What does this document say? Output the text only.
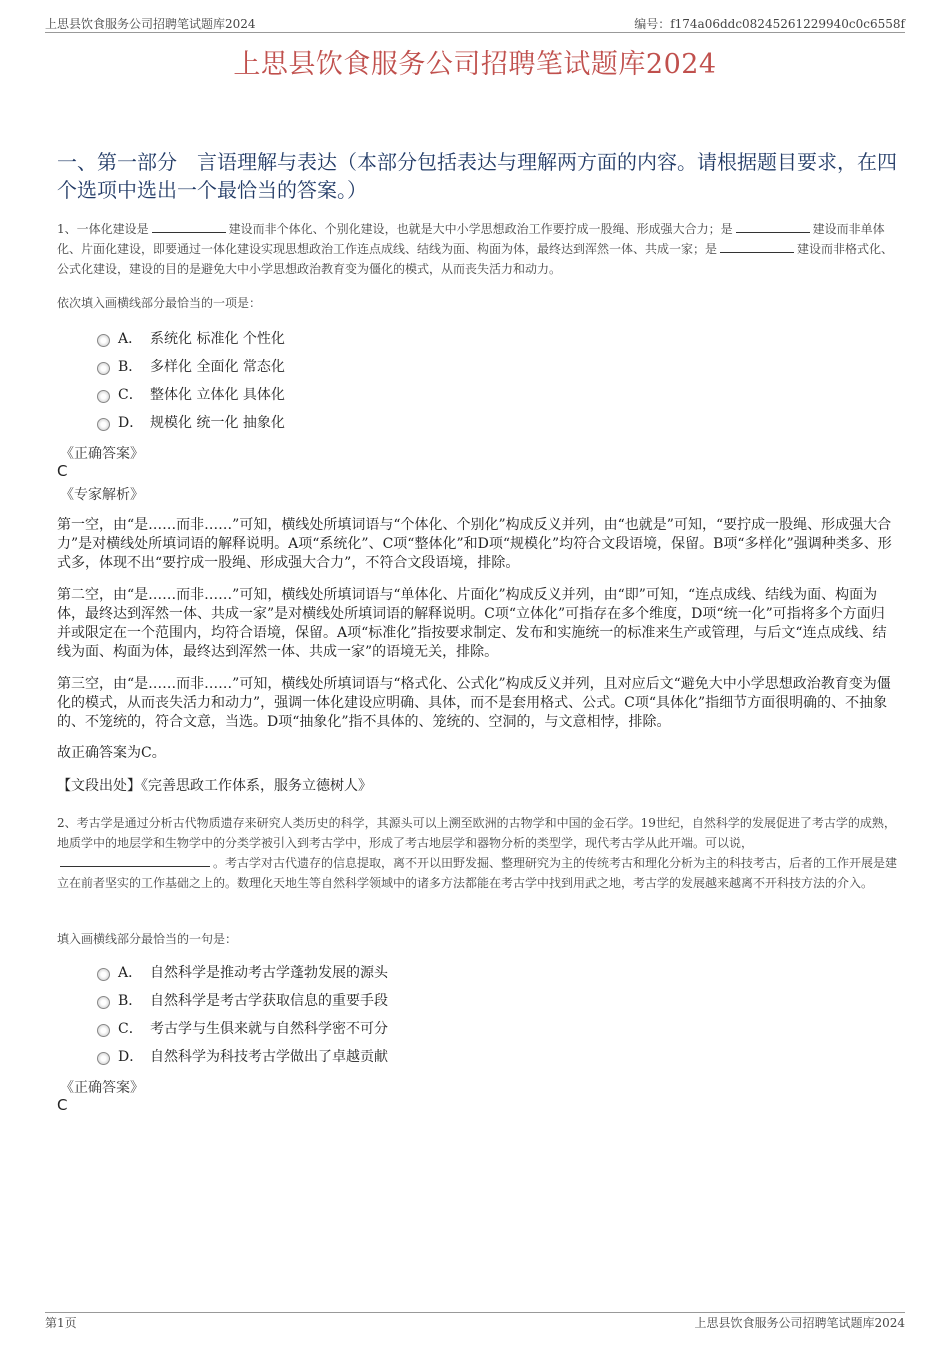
上思县饮食服务公司招聘笔试题库2024	编号：f174a06ddc08245261229940c0c6558f
上思县饮食服务公司招聘笔试题库2024
一、第一部分　言语理解与表达（本部分包括表达与理解两方面的内容。请根据题目要求，在四个选项中选出一个最恰当的答案。）
1、一体化建设是	建设而非个体化、个别化建设，也就是大中小学思想政治工作要拧成一股绳、形成强大合力；是	建设而非单体化、片面化建设，即要通过一体化建设实现思想政治工作连点成线、结线为面、构面为体，最终达到浑然一体、共成一家；是	建设而非格式化、公式化建设，建设的目的是避免大中小学思想政治教育变为僵化的模式，从而丧失活力和动力。
依次填入画横线部分最恰当的一项是：
A． 系统化 标准化 个性化
B． 多样化 全面化 常态化
C． 整体化 立体化 具体化
D． 规模化 统一化 抽象化
《正确答案》
C
《专家解析》
第一空，由“是……而非……”可知，横线处所填词语与“个体化、个别化”构成反义并列，由“也就是”可知，“要拧成一股绳、形成强大合力”是对横线处所填词语的解释说明。A项“系统化”、C项“整体化”和D项“规模化”均符合文段语境，保留。B项“多样化”强调种类多、形式多，体现不出“要拧成一股绳、形成强大合力”，不符合文段语境，排除。
第二空，由“是……而非……”可知，横线处所填词语与“单体化、片面化”构成反义并列，由“即”可知，“连点成线、结线为面、构面为体，最终达到浑然一体、共成一家”是对横线处所填词语的解释说明。C项“立体化”可指存在多个维度，D项“统一化”可指将多个方面归并或限定在一个范围内，均符合语境，保留。A项“标准化”指按要求制定、发布和实施统一的标准来生产或管理，与后文“连点成线、结线为面、构面为体，最终达到浑然一体、共成一家”的语境无关，排除。
第三空，由“是……而非……”可知，横线处所填词语与“格式化、公式化”构成反义并列，且对应后文“避免大中小学思想政治教育变为僵化的模式，从而丧失活力和动力”，强调一体化建设应明确、具体，而不是套用格式、公式。C项“具体化”指细节方面很明确的、不抽象的、不笼统的，符合文意，当选。D项“抽象化”指不具体的、笼统的、空洞的，与文意相悖，排除。
故正确答案为C。
【文段出处】《完善思政工作体系，服务立德树人》
2、考古学是通过分析古代物质遗存来研究人类历史的科学，其源头可以上溯至欧洲的古物学和中国的金石学。19世纪，自然科学的发展促进了考古学的成熟，地质学中的地层学和生物学中的分类学被引入到考古学中，形成了考古地层学和器物分析的类型学，现代考古学从此开端。可以说，。考古学对古代遗存的信息提取，离不开以田野发掘、整理研究为主的传统考古和理化分析为主的科技考古，后者的工作开展是建立在前者坚实的工作基础之上的。数理化天地生等自然科学领域中的诸多方法都能在考古学中找到用武之地，考古学的发展越来越离不开科技方法的介入。
填入画横线部分最恰当的一句是：
A． 自然科学是推动考古学蓬勃发展的源头
B． 自然科学是考古学获取信息的重要手段
C． 考古学与生俱来就与自然科学密不可分
D． 自然科学为科技考古学做出了卓越贡献
《正确答案》
C
第1页	上思县饮食服务公司招聘笔试题库2024
